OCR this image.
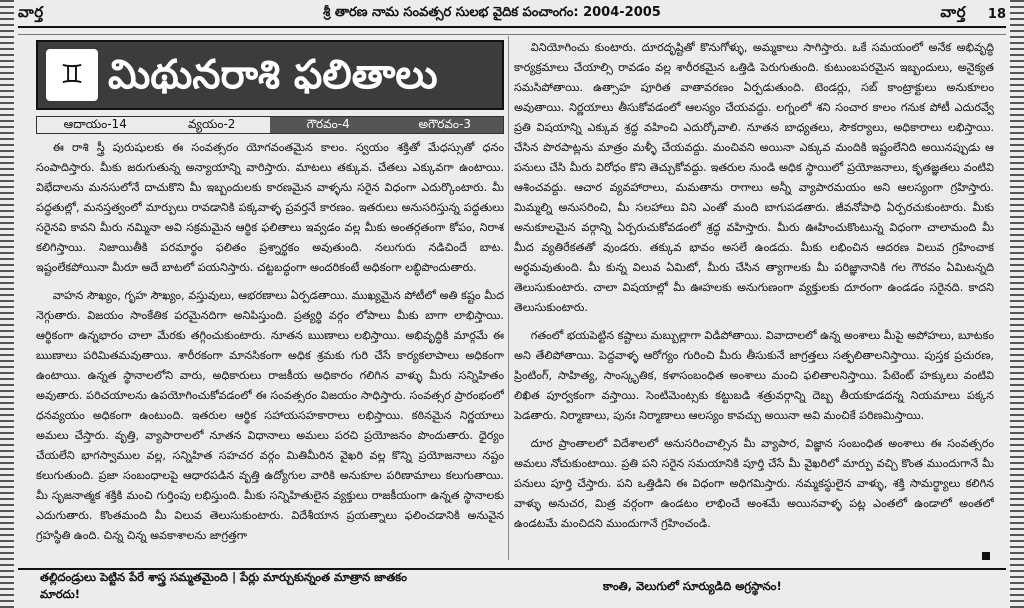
వార్త	శ్రీ తారణ నామ సంవత్సర సులభ వైదిక పంచాంగం: 2004-2005	వార్త	18
♊ మిథునరాశి ఫలితాలు
ఆదాయం-14	వ్యయం-2	గౌరవం-4	అగౌరవం-3

ఈ రాశి స్త్రీ పురుషులకు ఈ సంవత్సరం యోగవంతమైన కాలం. స్వయం శక్తితో మేధస్సుతో ధనం సంపాదిస్తారు. మీకు జరుగుతున్న అన్యాయాన్ని వారిస్తారు. మాటలు తక్కువ. చేతలు ఎక్కువగా ఉంటాయి. విభేదాలను మనసులోనే దాచుకొని మీ ఇబ్బందులకు కారణమైన వాళ్ళను సరైన విధంగా ఎదుర్కొంటారు. మీ పద్ధతుల్లో, మనస్తత్వంలో మార్పులు రావడానికి పక్కవాళ్ళ ప్రవర్తనే కారణం. ఇతరులు అనుసరిస్తున్న పద్ధతులు సరైనవి కావని మీరు నమ్మినా అవి సక్రమమైన ఆర్థిక ఫలితాలు ఇవ్వడం వల్ల మీకు అంతర్గతంగా కోపం, నిరాశ కలిగిస్తాయి. నిజాయితీకి పరమార్థం ఫలితం ప్రశ్నార్థకం అవుతుంది. నలుగురు నడిచిందే బాట. ఇష్టంలేకపోయినా మీరూ అదే బాటలో పయనిస్తారు. చట్టబద్ధంగా అందరికంటే అధికంగా లబ్ధిపొందుతారు.

వాహన సౌఖ్యం, గృహ సౌఖ్యం, వస్తువులు, ఆభరణాలు ఏర్పడతాయి. ముఖ్యమైన పోటీలో అతి కష్టం మీద నెగ్గుతారు. విజయం సాంకేతిక పరమైనదిగా అనిపిస్తుంది. ప్రత్యర్థి వర్గం లోపాలు మీకు బాగా లాభిస్తాయి. ఆర్థికంగా ఉన్నభారం చాలా మేరకు తగ్గించుకుంటారు. నూతన ఋణాలు లభిస్తాయి. అభివృద్ధికి మార్గమే ఈ ఋణాలు పరిమితమవుతాయి. శారీరకంగా మానసికంగా అధిక శ్రమకు గురి చేసే కార్యకలాపాలు అధికంగా ఉంటాయి. ఉన్నత స్థానాలలోని వారు, అధికారులు రాజకీయ అధికారం గలిగిన వాళ్ళు మీరు సన్నిహితం అవుతారు. పరిచయాలను ఉపయోగించుకోవడంలో ఈ సంవత్సరం విజయం సాధిస్తారు. సంవత్సర ప్రారంభంలో ధనవ్యయం అధికంగా ఉంటుంది. ఇతరుల ఆర్థిక సహాయసహకారాలు లభిస్తాయి. కఠినమైన నిర్ణయాలు అమలు చేస్తారు. వృత్తి, వ్యాపారాలలో నూతన విధానాలు అమలు పరచి ప్రయోజనం పొందుతారు. ధైర్యం చేయలేని భాగస్వాముల వల్ల, సన్నిహిత సహచర వర్గం మితిమీరిన వైఖరి వల్ల కొన్ని ప్రయోజనాలు నష్టం కలుగుతుంది. ప్రజా సంబంధాలపై ఆధారపడిన వృత్తి ఉద్యోగుల వారికి అనుకూల పరిణామాలు కలుగుతాయి. మీ సృజనాత్మక శక్తికి మంచి గుర్తింపు లభిస్తుంది. మీకు సన్నిహితులైన వ్యక్తులు రాజకీయంగా ఉన్నత స్థానాలకు ఎదుగుతారు. కొంతమంది మీ విలువ తెలుసుకుంటారు. విదేశీయాన ప్రయత్నాలు ఫలించడానికి అనువైన గ్రహస్థితి ఉంది. చిన్న చిన్న అవకాశాలను జాగ్రత్తగా

వినియోగించు కుంటారు. దూరదృష్టితో కొనుగోళ్ళు, అమ్మకాలు సాగిస్తారు. ఒకే సమయంలో అనేక అభివృద్ధి కార్యక్రమాలు చేయాల్సి రావడం వల్ల శారీరకమైన ఒత్తిడి పెరుగుతుంది. కుటుంబపరమైన ఇబ్బందులు, అనైక్యత సమసిపోతాయి. ఉత్సాహ పూరిత వాతావరణం ఏర్పడుతుంది. టెండర్లు, సబ్ కాంట్రాక్టులు అనుకూలం అవుతాయి. నిర్ణయాలు తీసుకోవడంలో ఆలస్యం చేయవద్దు. లగ్నంలో శని సంచార కాలం గనుక పోటీ ఎదురవ్వే ప్రతి విషయాన్ని ఎక్కువ శ్రద్ధ వహించి ఎదుర్కోవాలి. నూతన బాధ్యతలు, సౌకర్యాలు, అధికారాలు లభిస్తాయి. చేసిన పొరపాట్లను మాత్రం మళ్ళీ చేయవద్దు. మంచివని అయినా ఎక్కువ మందికి ఇష్టంలేనిది అయినప్పుడు ఆ పనులు చేసి మీరు విరోధం కొని తెచ్చుకోవద్దు. ఇతరుల నుండి అధిక స్థాయిలో ప్రయోజనాలు, కృతజ్ఞతలు వంటివి ఆశించవద్దు. ఆచార వ్యవహారాలు, మమతాను రాగాలు అన్నీ వ్యాపారమయం అని ఆలస్యంగా గ్రహిస్తారు. మిమ్మల్ని అనుసరించి, మీ సలహాలు విని ఎంతో మంది బాగుపడతారు. జీవనోపాధి ఏర్పరచుకుంటారు. మీకు అనుకూలమైన వర్గాన్ని ఏర్పరుచుకోవడంలో శ్రద్ధ వహిస్తారు. మీరు ఊహించుకొంటున్న విధంగా చాలామంది మీ మీద వ్యతిరేకతతో వుండరు. తక్కువ భావం అసలే ఉండదు. మీకు లభించిన ఆదరణ విలువ గ్రహించాక అర్థమవుతుంది. మీ కున్న విలువ ఏమిటో, మీరు చేసిన త్యాగాలకు మీ పరిజ్ఞానానికి గల గౌరవం ఏమిటన్నది తెలుసుకుంటారు. చాలా విషయాల్లో మీ ఊహలకు అనుగుణంగా వ్యక్తులకు దూరంగా ఉండడం సరైనది. కాదని తెలుసుకుంటారు.

గతంలో భయపెట్టిన కష్టాలు మబ్బుల్లాగా విడిపోతాయి. వివాదాలలో ఉన్న అంశాలు మీపై అపోహలు, బూటకం అని తేలిపోతాయి. పెద్దవాళ్ళ ఆరోగ్యం గురించి మీరు తీసుకునే జాగ్రత్తలు సత్ఫలితాలనిస్తాయి. పుస్తక ప్రచురణ, ప్రింటింగ్, సాహిత్య, సాంస్కృతిక, కళాసంబంధిత అంశాలు మంచి ఫలితాలనిస్తాయి. పేటెంట్ హక్కులు వంటివి లిఖిత పూర్వకంగా వస్తాయి. సెంటిమెంట్సకు కట్టుబడి శత్రువర్గాన్ని దెబ్బ తీయకూడదన్న నియమాలు పక్కన పెడతారు. నిర్మాణాలు, పునః నిర్మాణాలు ఆలస్యం కావచ్చు అయినా అవి మంచికే పరిణమిస్తాయి.

దూర ప్రాంతాలలో విదేశాలలో అనుసరించాల్సిన మీ వ్యాపార, విజ్ఞాన సంబంధిత అంశాలు ఈ సంవత్సరం అమలు నోచుకుంటాయి. ప్రతి పని సరైన సమయానికి పూర్తి చేసే మీ వైఖరిలో మార్పు వచ్చి కొంత ముందుగానే మీ పనులు పూర్తి చేస్తారు. పని ఒత్తిడిని ఈ విధంగా అధిగమిస్తారు. నమ్మకస్థులైన వాళ్ళు, శక్తి సామర్థ్యాలు కలిగిన వాళ్ళు అనుచర, మిత్ర వర్గంగా ఉండటం లాభించే అంశమే అయినవాళ్ళ పట్ల ఎంతలో ఉండాలో అంతలో ఉండటమే మంచిదని ముందుగానే గ్రహించండి.

తల్లిదండ్రులు పెట్టిన పేరే శాస్త్ర సమ్మతమైంది | పేర్లు మార్చుకున్నంత మాత్రాన జాతకం మారదు!
కాంతి, వెలుగులో సూర్యుడిది అగ్రస్థానం!
